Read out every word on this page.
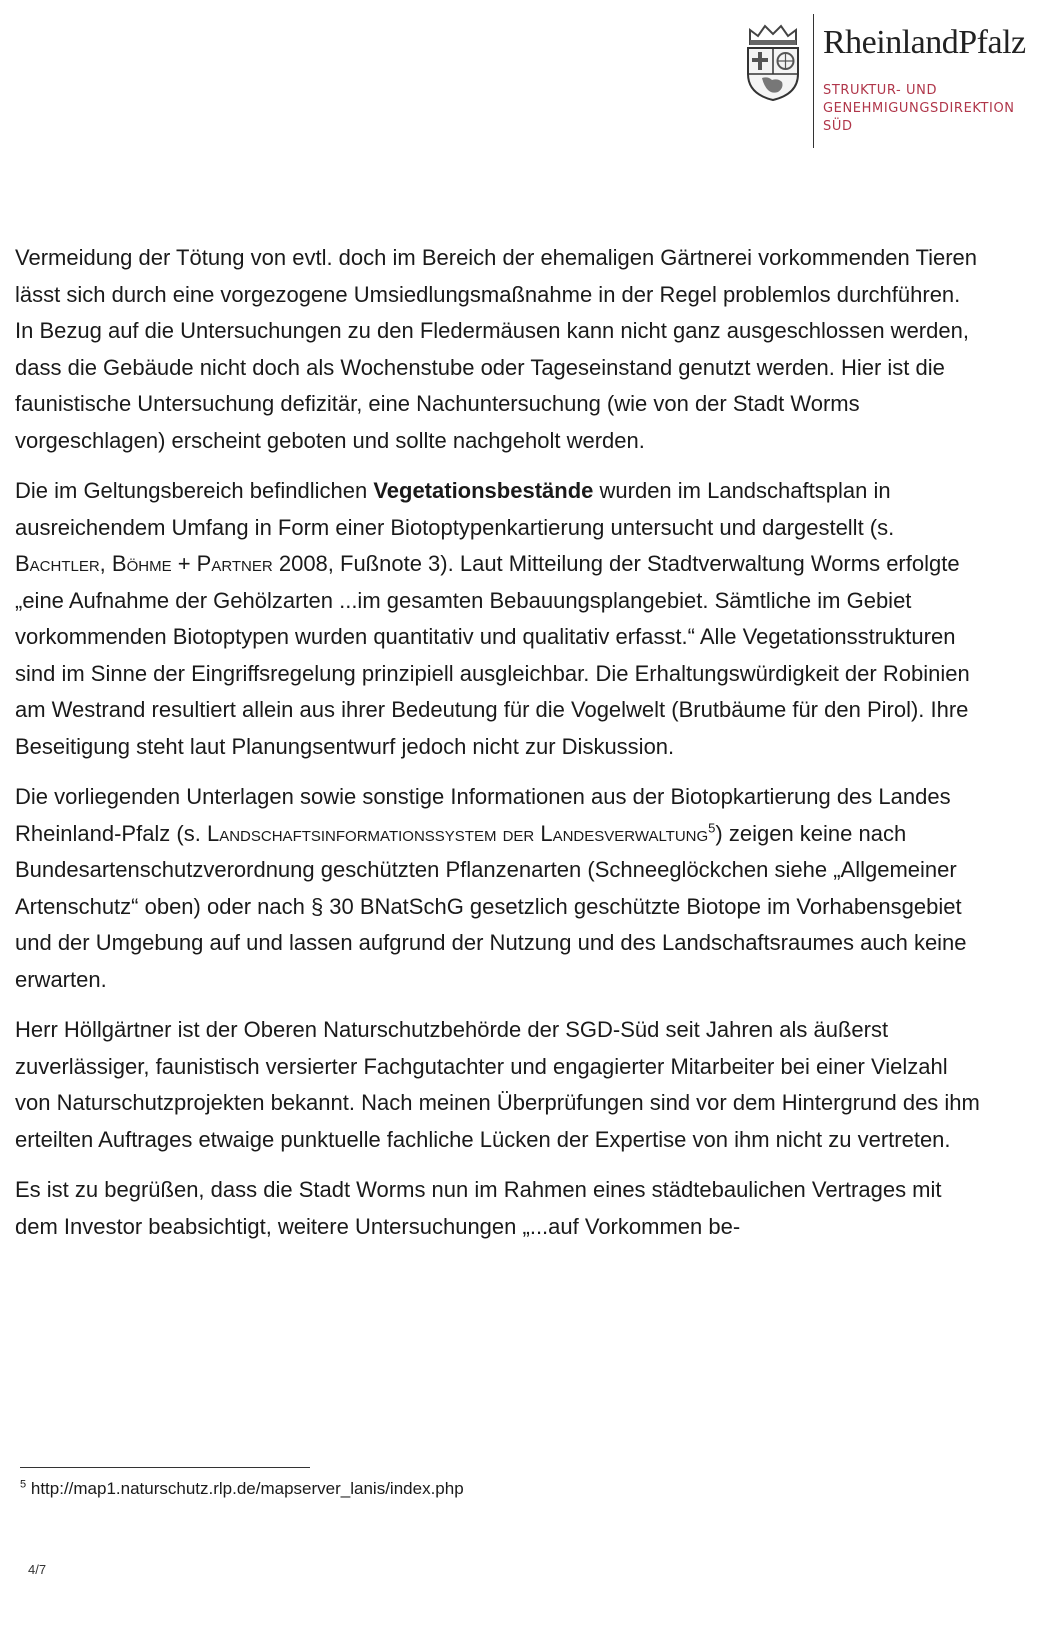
RheinlandPfalz
STRUKTUR- UND
GENEHMIGUNGSDIREKTION
SÜD

Vermeidung der Tötung von evtl. doch im Bereich der ehemaligen Gärtnerei vorkommenden Tieren lässt sich durch eine vorgezogene Umsiedlungsmaßnahme in der Regel problemlos durchführen.
In Bezug auf die Untersuchungen zu den Fledermäusen kann nicht ganz ausgeschlossen werden, dass die Gebäude nicht doch als Wochenstube oder Tageseinstand genutzt werden. Hier ist die faunistische Untersuchung defizitär, eine Nachuntersuchung (wie von der Stadt Worms vorgeschlagen) erscheint geboten und sollte nachgeholt werden.

Die im Geltungsbereich befindlichen Vegetationsbestände wurden im Landschaftsplan in ausreichendem Umfang in Form einer Biotoptypenkartierung untersucht und dargestellt (s. Bachtler, Böhme + Partner 2008, Fußnote 3). Laut Mitteilung der Stadtverwaltung Worms erfolgte „eine Aufnahme der Gehölzarten ...im gesamten Bebauungsplangebiet. Sämtliche im Gebiet vorkommenden Biotoptypen wurden quantitativ und qualitativ erfasst.“ Alle Vegetationsstrukturen sind im Sinne der Eingriffsregelung prinzipiell ausgleichbar. Die Erhaltungswürdigkeit der Robinien am Westrand resultiert allein aus ihrer Bedeutung für die Vogelwelt (Brutbäume für den Pirol). Ihre Beseitigung steht laut Planungsentwurf jedoch nicht zur Diskussion.

Die vorliegenden Unterlagen sowie sonstige Informationen aus der Biotopkartierung des Landes Rheinland-Pfalz (s. Landschaftsinformationssystem der Landesverwaltung$^5$) zeigen keine nach Bundesartenschutzverordnung geschützten Pflanzenarten (Schneeglöckchen siehe „Allgemeiner Artenschutz“ oben) oder nach § 30 BNatSchG gesetzlich geschützte Biotope im Vorhabensgebiet und der Umgebung auf und lassen aufgrund der Nutzung und des Landschaftsraumes auch keine erwarten.

Herr Höllgärtner ist der Oberen Naturschutzbehörde der SGD-Süd seit Jahren als äußerst zuverlässiger, faunistisch versierter Fachgutachter und engagierter Mitarbeiter bei einer Vielzahl von Naturschutzprojekten bekannt. Nach meinen Überprüfungen sind vor dem Hintergrund des ihm erteilten Auftrages etwaige punktuelle fachliche Lücken der Expertise von ihm nicht zu vertreten.

Es ist zu begrüßen, dass die Stadt Worms nun im Rahmen eines städtebaulichen Vertrages mit dem Investor beabsichtigt, weitere Untersuchungen „...auf Vorkommen be-

$^5$ http://map1.naturschutz.rlp.de/mapserver_lanis/index.php
4/7
